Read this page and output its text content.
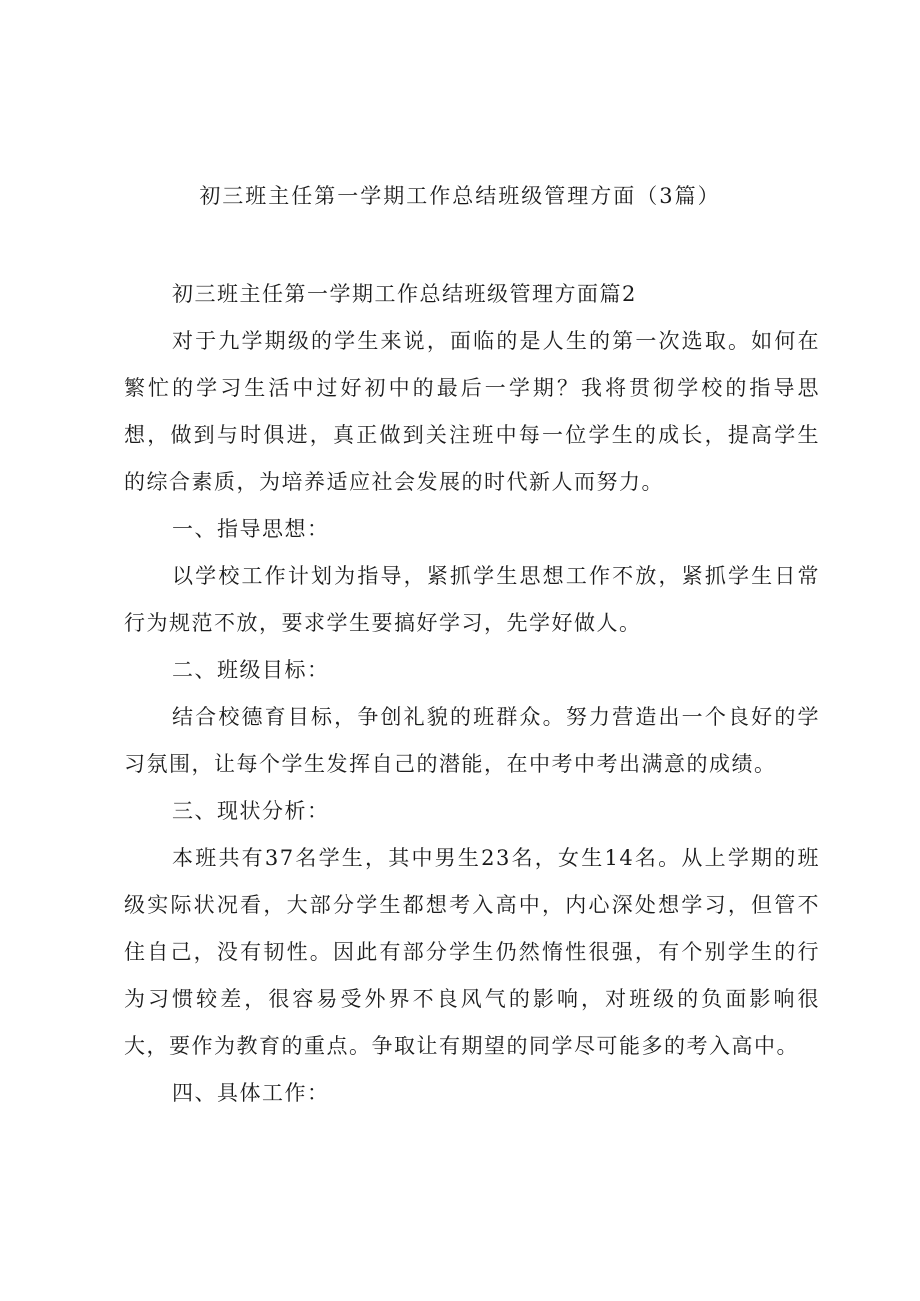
初三班主任第一学期工作总结班级管理方面（3篇）

初三班主任第一学期工作总结班级管理方面篇2

对于九学期级的学生来说，面临的是人生的第一次选取。如何在繁忙的学习生活中过好初中的最后一学期？我将贯彻学校的指导思想，做到与时俱进，真正做到关注班中每一位学生的成长，提高学生的综合素质，为培养适应社会发展的时代新人而努力。

一、指导思想：

以学校工作计划为指导，紧抓学生思想工作不放，紧抓学生日常行为规范不放，要求学生要搞好学习，先学好做人。

二、班级目标：

结合校德育目标，争创礼貌的班群众。努力营造出一个良好的学习氛围，让每个学生发挥自己的潜能，在中考中考出满意的成绩。

三、现状分析：

本班共有37名学生，其中男生23名，女生14名。从上学期的班级实际状况看，大部分学生都想考入高中，内心深处想学习，但管不住自己，没有韧性。因此有部分学生仍然惰性很强，有个别学生的行为习惯较差，很容易受外界不良风气的影响，对班级的负面影响很大，要作为教育的重点。争取让有期望的同学尽可能多的考入高中。

四、具体工作：
